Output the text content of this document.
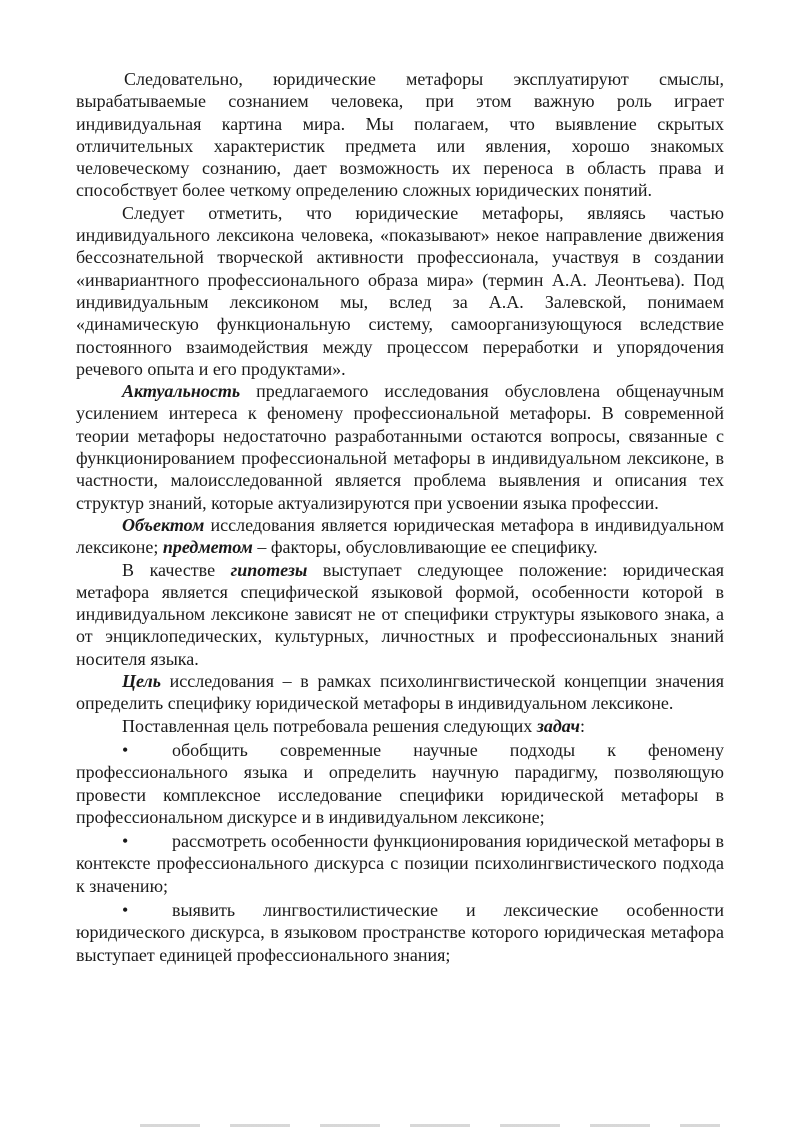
Следовательно, юридические метафоры эксплуатируют смыслы, вырабатываемые сознанием человека, при этом важную роль играет индивидуальная картина мира. Мы полагаем, что выявление скрытых отличительных характеристик предмета или явления, хорошо знакомых человеческому сознанию, дает возможность их переноса в область права и способствует более четкому определению сложных юридических понятий.

Следует отметить, что юридические метафоры, являясь частью индивидуального лексикона человека, «показывают» некое направление движения бессознательной творческой активности профессионала, участвуя в создании «инвариантного профессионального образа мира» (термин А.А. Леонтьева). Под индивидуальным лексиконом мы, вслед за А.А. Залевской, понимаем «динамическую функциональную систему, самоорганизующуюся вследствие постоянного взаимодействия между процессом переработки и упорядочения речевого опыта и его продуктами».

Актуальность предлагаемого исследования обусловлена общенаучным усилением интереса к феномену профессиональной метафоры. В современной теории метафоры недостаточно разработанными остаются вопросы, связанные с функционированием профессиональной метафоры в индивидуальном лексиконе, в частности, малоисследованной является проблема выявления и описания тех структур знаний, которые актуализируются при усвоении языка профессии.

Объектом исследования является юридическая метафора в индивидуальном лексиконе; предметом – факторы, обусловливающие ее специфику.

В качестве гипотезы выступает следующее положение: юридическая метафора является специфической языковой формой, особенности которой в индивидуальном лексиконе зависят не от специфики структуры языкового знака, а от энциклопедических, культурных, личностных и профессиональных знаний носителя языка.

Цель исследования – в рамках психолингвистической концепции значения определить специфику юридической метафоры в индивидуальном лексиконе.

Поставленная цель потребовала решения следующих задач:

• обобщить современные научные подходы к феномену профессионального языка и определить научную парадигму, позволяющую провести комплексное исследование специфики юридической метафоры в профессиональном дискурсе и в индивидуальном лексиконе;

• рассмотреть особенности функционирования юридической метафоры в контексте профессионального дискурса с позиции психолингвистического подхода к значению;

• выявить лингвостилистические и лексические особенности юридического дискурса, в языковом пространстве которого юридическая метафора выступает единицей профессионального знания;
